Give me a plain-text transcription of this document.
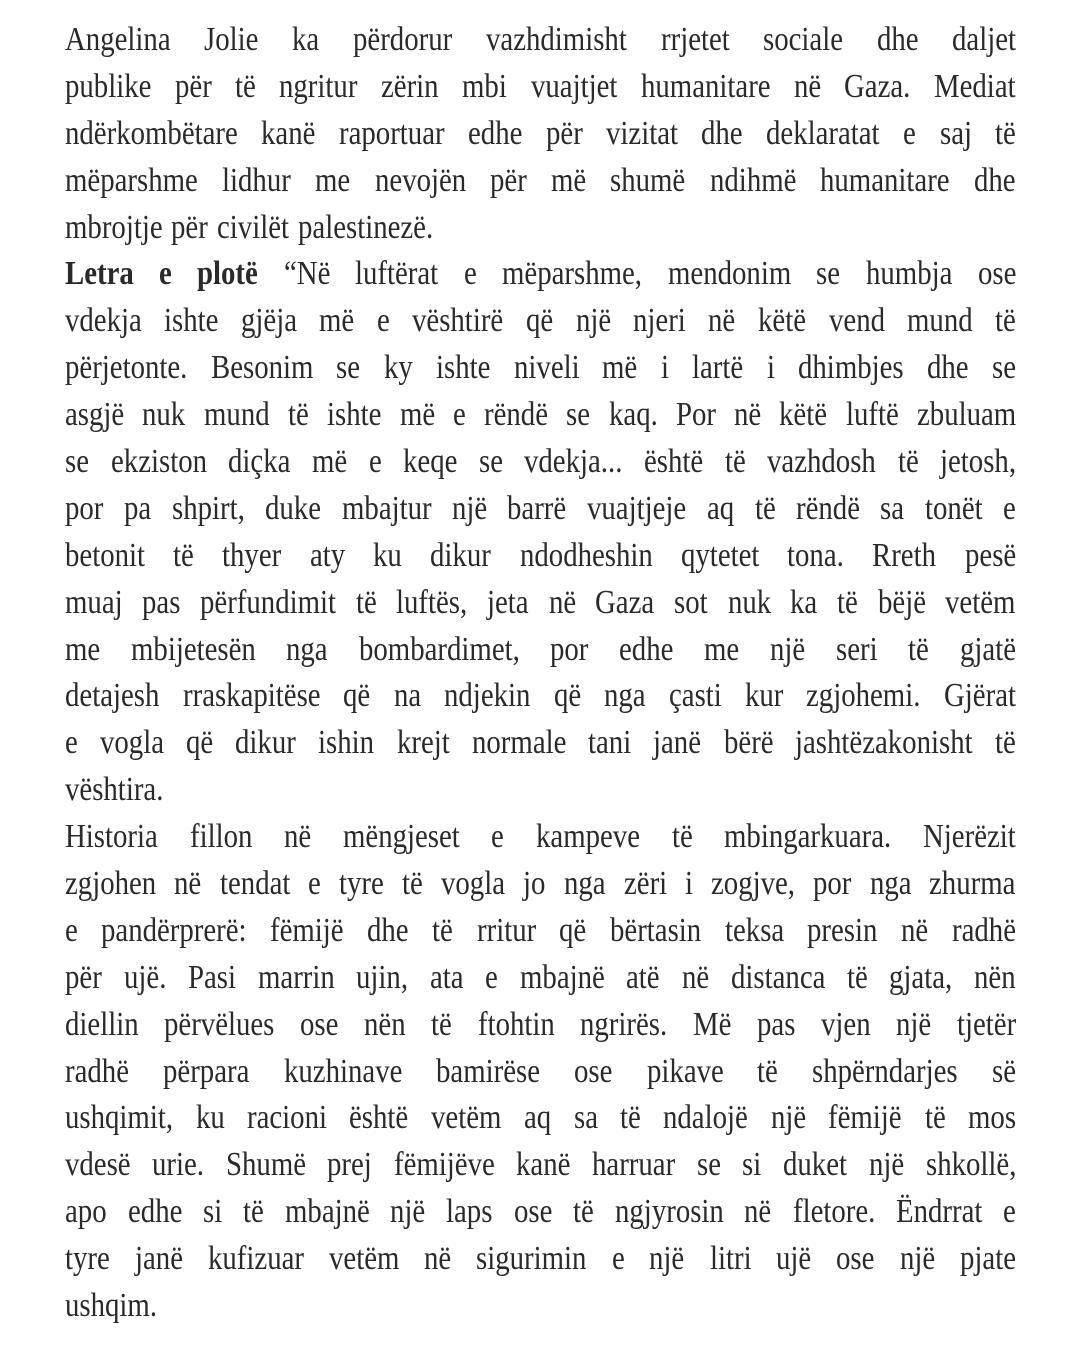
Angelina Jolie ka përdorur vazhdimisht rrjetet sociale dhe daljet
publike për të ngritur zërin mbi vuajtjet humanitare në Gaza. Mediat
ndërkombëtare kanë raportuar edhe për vizitat dhe deklaratat e saj të
mëparshme lidhur me nevojën për më shumë ndihmë humanitare dhe
mbrojtje për civilët palestinezë.
Letra e plotë “Në luftërat e mëparshme, mendonim se humbja ose
vdekja ishte gjëja më e vështirë që një njeri në këtë vend mund të
përjetonte. Besonim se ky ishte niveli më i lartë i dhimbjes dhe se
asgjë nuk mund të ishte më e rëndë se kaq. Por në këtë luftë zbuluam
se ekziston diçka më e keqe se vdekja... është të vazhdosh të jetosh,
por pa shpirt, duke mbajtur një barrë vuajtjeje aq të rëndë sa tonët e
betonit të thyer aty ku dikur ndodheshin qytetet tona. Rreth pesë
muaj pas përfundimit të luftës, jeta në Gaza sot nuk ka të bëjë vetëm
me mbijetesën nga bombardimet, por edhe me një seri të gjatë
detajesh rraskapitëse që na ndjekin që nga çasti kur zgjohemi. Gjërat
e vogla që dikur ishin krejt normale tani janë bërë jashtëzakonisht të
vështira.
Historia fillon në mëngjeset e kampeve të mbingarkuara. Njerëzit
zgjohen në tendat e tyre të vogla jo nga zëri i zogjve, por nga zhurma
e pandërprerë: fëmijë dhe të rritur që bërtasin teksa presin në radhë
për ujë. Pasi marrin ujin, ata e mbajnë atë në distanca të gjata, nën
diellin përvëlues ose nën të ftohtin ngrirës. Më pas vjen një tjetër
radhë përpara kuzhinave bamirëse ose pikave të shpërndarjes së
ushqimit, ku racioni është vetëm aq sa të ndalojë një fëmijë të mos
vdesë urie. Shumë prej fëmijëve kanë harruar se si duket një shkollë,
apo edhe si të mbajnë një laps ose të ngjyrosin në fletore. Ëndrrat e
tyre janë kufizuar vetëm në sigurimin e një litri ujë ose një pjate
ushqim.
